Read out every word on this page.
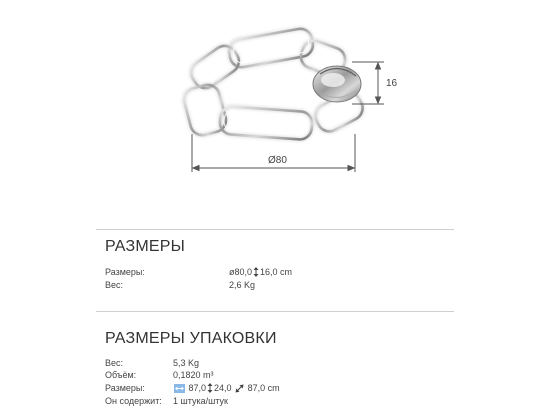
16
Ø80
РАЗМЕРЫ
Размеры:	ø80,0 16,0 cm
Вес:	2,6 Kg
РАЗМЕРЫ УПАКОВКИ
Вес:	5,3 Kg
Объём:	0,1820 m³
Размеры:	87,0 24,0 87,0 cm
Он содержит: 1 штука/штук
